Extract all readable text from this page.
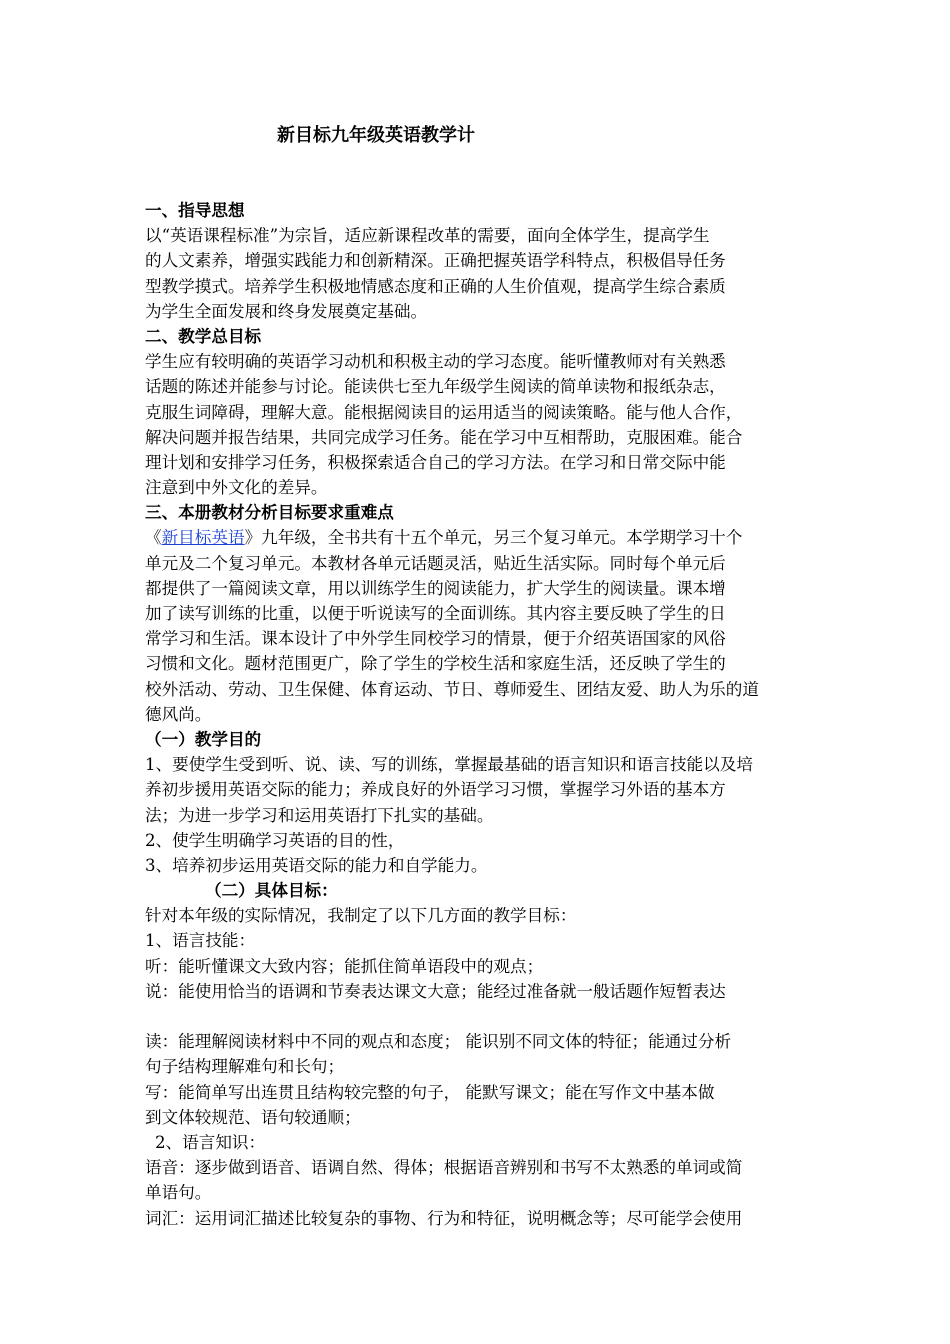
新目标九年级英语教学计
一、指导思想
以“英语课程标准”为宗旨，适应新课程改革的需要，面向全体学生，提高学生
的人文素养，增强实践能力和创新精深。正确把握英语学科特点，积极倡导任务
型教学摸式。培养学生积极地情感态度和正确的人生价值观，提高学生综合素质
为学生全面发展和终身发展奠定基础。
二、教学总目标
学生应有较明确的英语学习动机和积极主动的学习态度。能听懂教师对有关熟悉
话题的陈述并能参与讨论。能读供七至九年级学生阅读的简单读物和报纸杂志，
克服生词障碍，理解大意。能根据阅读目的运用适当的阅读策略。能与他人合作，
解决问题并报告结果，共同完成学习任务。能在学习中互相帮助，克服困难。能合
理计划和安排学习任务，积极探索适合自己的学习方法。在学习和日常交际中能
注意到中外文化的差异。
三、本册教材分析目标要求重难点
《新目标英语》九年级，全书共有十五个单元，另三个复习单元。本学期学习十个
单元及二个复习单元。本教材各单元话题灵活，贴近生活实际。同时每个单元后
都提供了一篇阅读文章，用以训练学生的阅读能力，扩大学生的阅读量。课本增
加了读写训练的比重，以便于听说读写的全面训练。其内容主要反映了学生的日
常学习和生活。课本设计了中外学生同校学习的情景，便于介绍英语国家的风俗
习惯和文化。题材范围更广，除了学生的学校生活和家庭生活，还反映了学生的
校外活动、劳动、卫生保健、体育运动、节日、尊师爱生、团结友爱、助人为乐的道
德风尚。
（一）教学目的
1、要使学生受到听、说、读、写的训练，掌握最基础的语言知识和语言技能以及培
养初步援用英语交际的能力；养成良好的外语学习习惯，掌握学习外语的基本方
法；为进一步学习和运用英语打下扎实的基础。
2、使学生明确学习英语的目的性，
3、培养初步运用英语交际的能力和自学能力。
（二）具体目标：
针对本年级的实际情况，我制定了以下几方面的教学目标：
1、语言技能：
听：能听懂课文大致内容；能抓住简单语段中的观点；
说：能使用恰当的语调和节奏表达课文大意；能经过准备就一般话题作短暂表达
读：能理解阅读材料中不同的观点和态度； 能识别不同文体的特征；能通过分析
句子结构理解难句和长句；
写：能简单写出连贯且结构较完整的句子， 能默写课文；能在写作文中基本做
到文体较规范、语句较通顺；
2、语言知识：
语音：逐步做到语音、语调自然、得体；根据语音辨别和书写不太熟悉的单词或简
单语句。
词汇：运用词汇描述比较复杂的事物、行为和特征，说明概念等；尽可能学会使用
